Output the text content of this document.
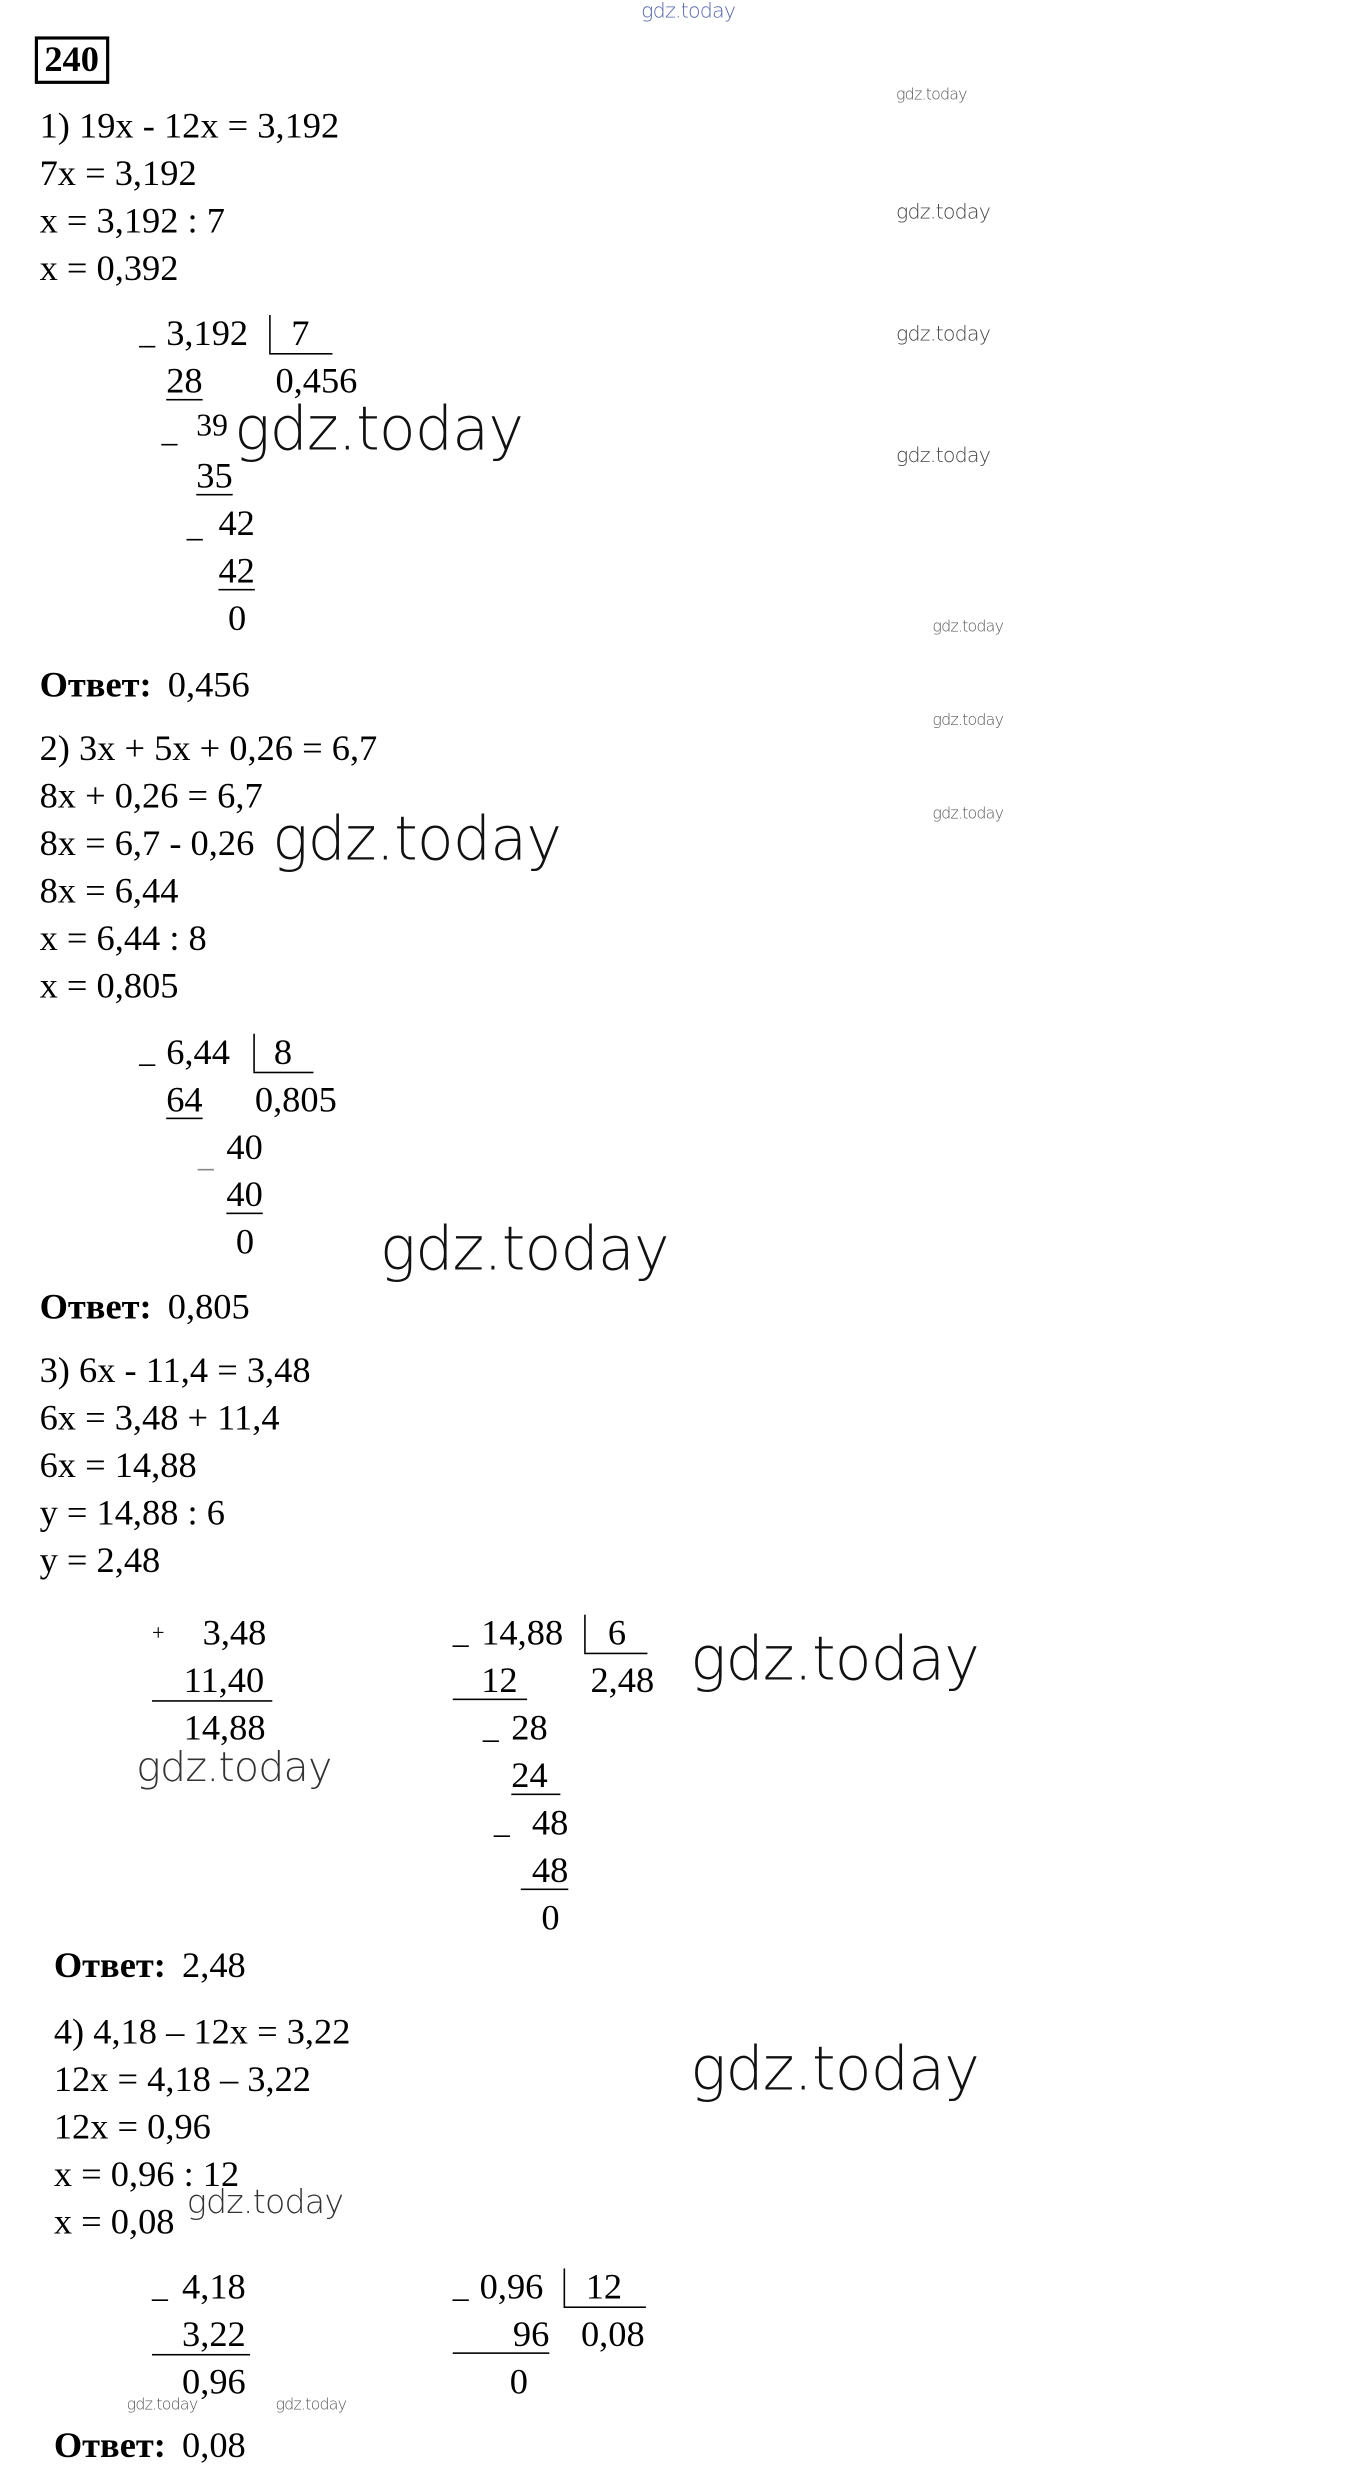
gdz.today
240
1) 19x - 12x = 3,192
7x = 3,192
x = 3,192 : 7
x = 0,392
_ 3,192 7
28	0,456
_ 39
35
_ 42
42
0
gdz.today
gdz.today
gdz.today
gdz.today
gdz.today
gdz.today
Ответ: 0,456
2) 3x + 5x + 0,26 = 6,7
8x + 0,26 = 6,7
8x = 6,7 - 0,26
8x = 6,44
x = 6,44 : 8
x = 0,805
gdz.today
gdz.today
gdz.today
_ 6,44 8
64 0,805
_ 40
40
0	gdz.today
Ответ: 0,805
3) 6x - 11,4 = 3,48
6x = 3,48 + 11,4
6x = 14,88
y = 14,88 : 6
y = 2,48
+ 3,48
11,40
14,88
gdz.today
_ 14,88 6
12	2,48
_ 28
24
_ 48
48
0
gdz.today
Ответ: 2,48
4) 4,18 – 12x = 3,22
12x = 4,18 – 3,22
12x = 0,96
x = 0,96 : 12
x = 0,08
gdz.today
gdz.today
_ 4,18
3,22
0,96
_ 0,96 12
96 0,08
0
gdz.today	gdz.today
Ответ: 0,08
